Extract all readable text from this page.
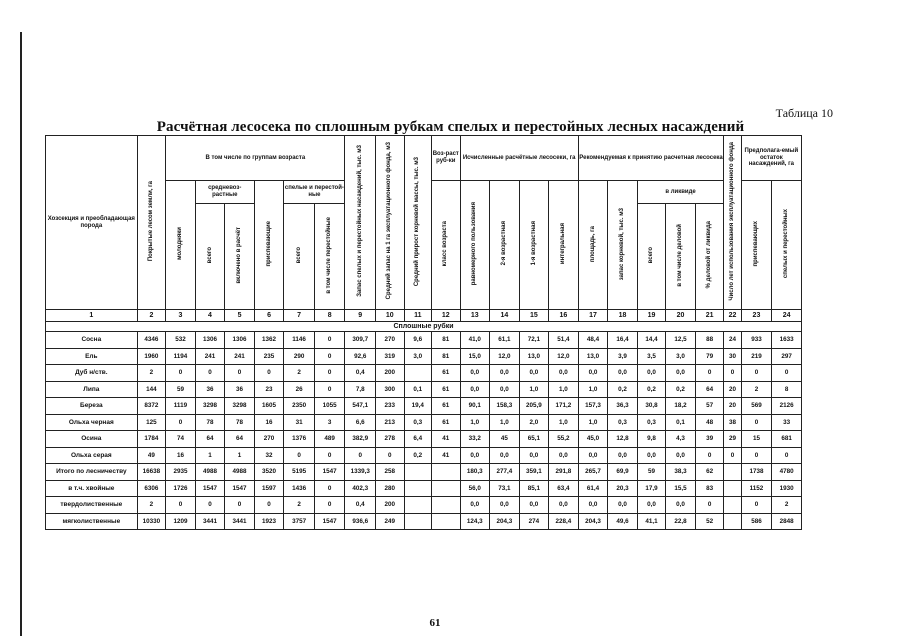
Таблица 10
Расчётная лесосека по сплошным рубкам спелых и перестойных лесных насаждений
Хозсекция и преобладающая порода	Покрытые лесом земли, га	В том числе по группам возраста						Запас спелых и перестойных насаждений, тыс. м3	Средний запас на 1 га эксплуатационного фонда, м3	Средний прирост корневой массы, тыс. м3	Воз-раст руб-ки	Исчисленные расчётные лесосеки, га				Рекомендуемая к принятию расчетная лесосека					Число лет использования эксплуатационного фонда	Предполага-емый остаток насаждений, га	
		молодняки	средневоз-растные		приспевающие	спелые и перестой- ные					класс возраста	равномерного пользования	2-я возрастная	1-я возрастная	интегральная	площадь, га	запас корневой, тыс. м3	в ликвиде				приспевающих	спелых и перестойных
			всего	включено в расчёт		всего	в том числе перестойные											всего	в том числе деловой	% деловой от ликвида			
1	2	3	4	5	6	7	8	9	10	11	12	13	14	15	16	17	18	19	20	21	22	23	24
Сплошные рубки																							
Сосна	4346	532	1306	1306	1362	1146	0	309,7	270	9,6	81	41,0	61,1	72,1	51,4	48,4	16,4	14,4	12,5	88	24	933	1633
Ель	1960	1194	241	241	235	290	0	92,6	319	3,0	81	15,0	12,0	13,0	12,0	13,0	3,9	3,5	3,0	79	30	219	297
Дуб н/ств.	2	0	0	0	0	2	0	0,4	200		61	0,0	0,0	0,0	0,0	0,0	0,0	0,0	0,0	0	0	0	0
Липа	144	59	36	36	23	26	0	7,8	300	0,1	61	0,0	0,0	1,0	1,0	1,0	0,2	0,2	0,2	64	20	2	8
Береза	8372	1119	3298	3298	1605	2350	1055	547,1	233	19,4	61	90,1	158,3	205,9	171,2	157,3	36,3	30,8	18,2	57	20	569	2126
Ольха черная	125	0	78	78	16	31	3	6,6	213	0,3	61	1,0	1,0	2,0	1,0	1,0	0,3	0,3	0,1	48	38	0	33
Осина	1784	74	64	64	270	1376	489	382,9	278	6,4	41	33,2	45	65,1	55,2	45,0	12,8	9,8	4,3	39	29	15	681
Ольха серая	49	16	1	1	32	0	0	0	0	0,2	41	0,0	0,0	0,0	0,0	0,0	0,0	0,0	0,0	0	0	0	0
Итого по лесничеству	16638	2935	4988	4988	3520	5195	1547	1339,3	258			180,3	277,4	359,1	291,8	265,7	69,9	59	38,3	62		1738	4780
в т.ч. хвойные	6306	1726	1547	1547	1597	1436	0	402,3	280			56,0	73,1	85,1	63,4	61,4	20,3	17,9	15,5	83		1152	1930
твердолиственные	2	0	0	0	0	2	0	0,4	200			0,0	0,0	0,0	0,0	0,0	0,0	0,0	0,0	0		0	2
мягколиственные	10330	1209	3441	3441	1923	3757	1547	936,6	249			124,3	204,3	274	228,4	204,3	49,6	41,1	22,8	52		586	2848
61
